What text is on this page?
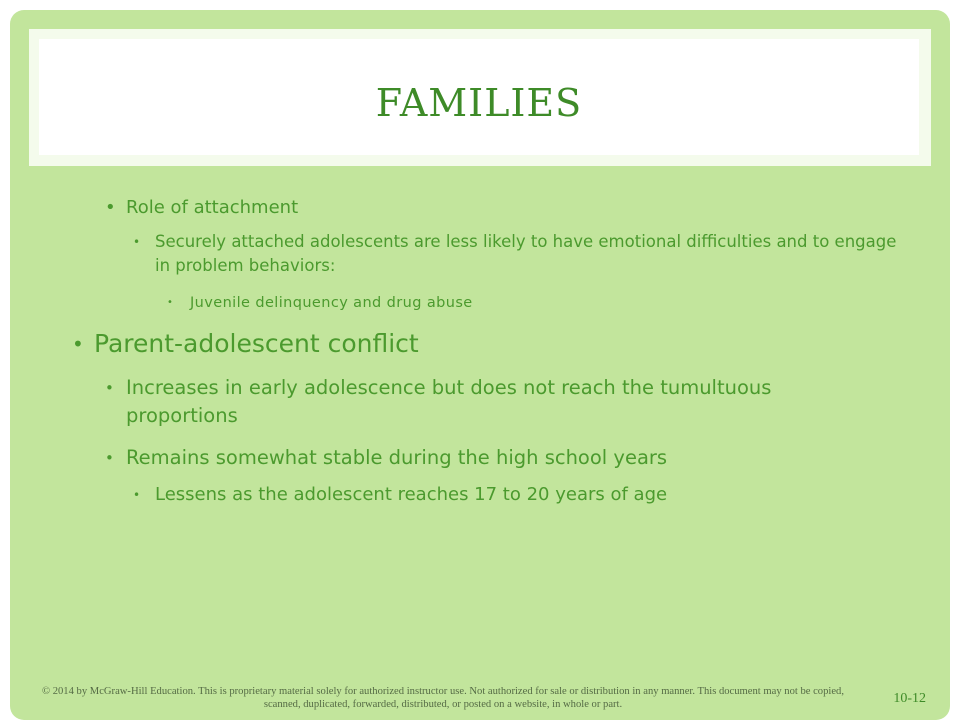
FAMILIES
• Role of attachment
• Securely attached adolescents are less likely to have emotional difficulties and to engage in problem behaviors:
• Juvenile delinquency and drug abuse
• Parent-adolescent conflict
• Increases in early adolescence but does not reach the tumultuous proportions
• Remains somewhat stable during the high school years
• Lessens as the adolescent reaches 17 to 20 years of age
© 2014 by McGraw-Hill Education. This is proprietary material solely for authorized instructor use. Not authorized for sale or distribution in any manner. This document may not be copied, scanned, duplicated, forwarded, distributed, or posted on a website, in whole or part.	10-12
